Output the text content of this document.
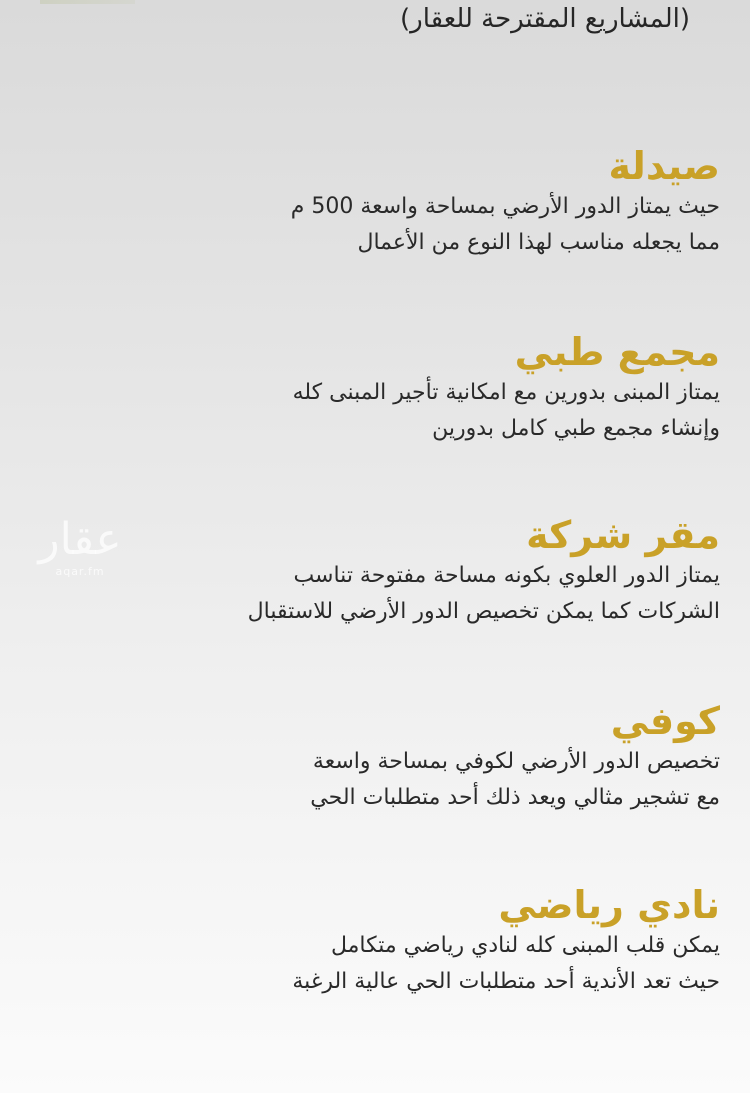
(المشاريع المقترحة للعقار)
عقار
aqar.fm
صيدلة

حيث يمتاز الدور الأرضي بمساحة واسعة 500 م

مما يجعله مناسب لهذا النوع من الأعمال

مجمع طبي

يمتاز المبنى بدورين مع امكانية تأجير المبنى كله

وإنشاء مجمع طبي كامل بدورين

مقر شركة

يمتاز الدور العلوي بكونه مساحة مفتوحة تناسب

الشركات كما يمكن تخصيص الدور الأرضي للاستقبال

كوفي

تخصيص الدور الأرضي لكوفي بمساحة واسعة

مع تشجير مثالي ويعد ذلك أحد متطلبات الحي

نادي رياضي

يمكن قلب المبنى كله لنادي رياضي متكامل

حيث تعد الأندية أحد متطلبات الحي عالية الرغبة
